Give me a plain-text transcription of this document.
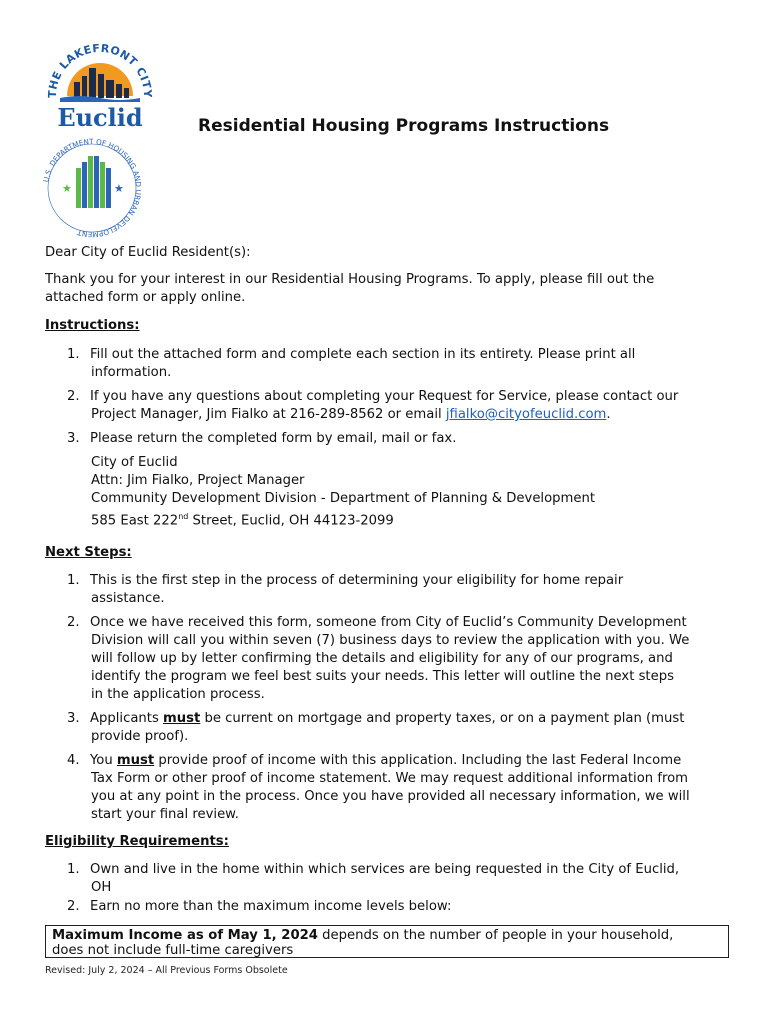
THE LAKEFRONT CITY
Euclid
U.S. DEPARTMENT OF HOUSING AND URBAN DEVELOPMENT
★	★
Residential Housing Programs Instructions
Dear City of Euclid Resident(s):
Thank you for your interest in our Residential Housing Programs. To apply, please fill out the
attached form or apply online.
Instructions:
1. Fill out the attached form and complete each section in its entirety. Please print all
information.
2. If you have any questions about completing your Request for Service, please contact our
Project Manager, Jim Fialko at 216-289-8562 or email jfialko@cityofeuclid.com.
3. Please return the completed form by email, mail or fax.
City of Euclid
Attn: Jim Fialko, Project Manager
Community Development Division - Department of Planning & Development
585 East 222nd Street, Euclid, OH 44123-2099
Next Steps:
1. This is the first step in the process of determining your eligibility for home repair
assistance.
2. Once we have received this form, someone from City of Euclid’s Community Development
Division will call you within seven (7) business days to review the application with you. We
will follow up by letter confirming the details and eligibility for any of our programs, and
identify the program we feel best suits your needs. This letter will outline the next steps
in the application process.
3. Applicants must be current on mortgage and property taxes, or on a payment plan (must
provide proof).
4. You must provide proof of income with this application. Including the last Federal Income
Tax Form or other proof of income statement. We may request additional information from
you at any point in the process. Once you have provided all necessary information, we will
start your final review.
Eligibility Requirements:
1. Own and live in the home within which services are being requested in the City of Euclid,
OH
2. Earn no more than the maximum income levels below:
Maximum Income as of May 1, 2024 depends on the number of people in your household,
does not include full-time caregivers
Revised: July 2, 2024 – All Previous Forms Obsolete
